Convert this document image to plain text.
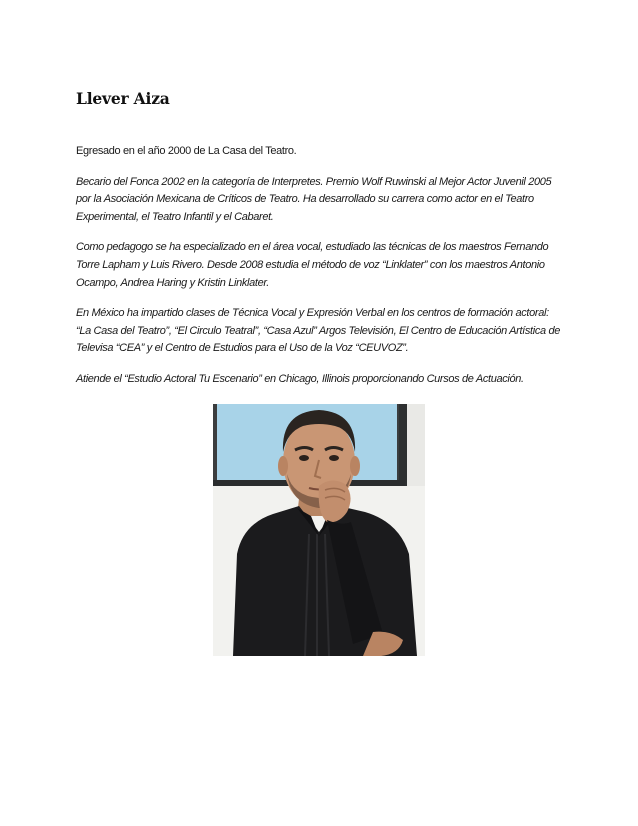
Llever Aiza

Egresado en el año 2000 de La Casa del Teatro.

Becario del Fonca 2002 en la categoría de Interpretes. Premio Wolf Ruwinski al Mejor Actor Juvenil 2005 por la Asociación Mexicana de Críticos de Teatro. Ha desarrollado su carrera como actor en el Teatro Experimental, el Teatro Infantil y el Cabaret.

Como pedagogo se ha especializado en el área vocal, estudiado las técnicas de los maestros Fernando Torre Lapham y Luis Rivero. Desde 2008 estudia el método de voz “Linklater” con los maestros Antonio Ocampo, Andrea Haring y Kristin Linklater.

En México ha impartido clases de Técnica Vocal y Expresión Verbal en los centros de formación actoral: “La Casa del Teatro”, “El Circulo Teatral”, “Casa Azul” Argos Televisión, El Centro de Educación Artística de Televisa “CEA” y el Centro de Estudios para el Uso de la Voz “CEUVOZ”.

Atiende el “Estudio Actoral Tu Escenario” en Chicago, Illinois proporcionando Cursos de Actuación.
